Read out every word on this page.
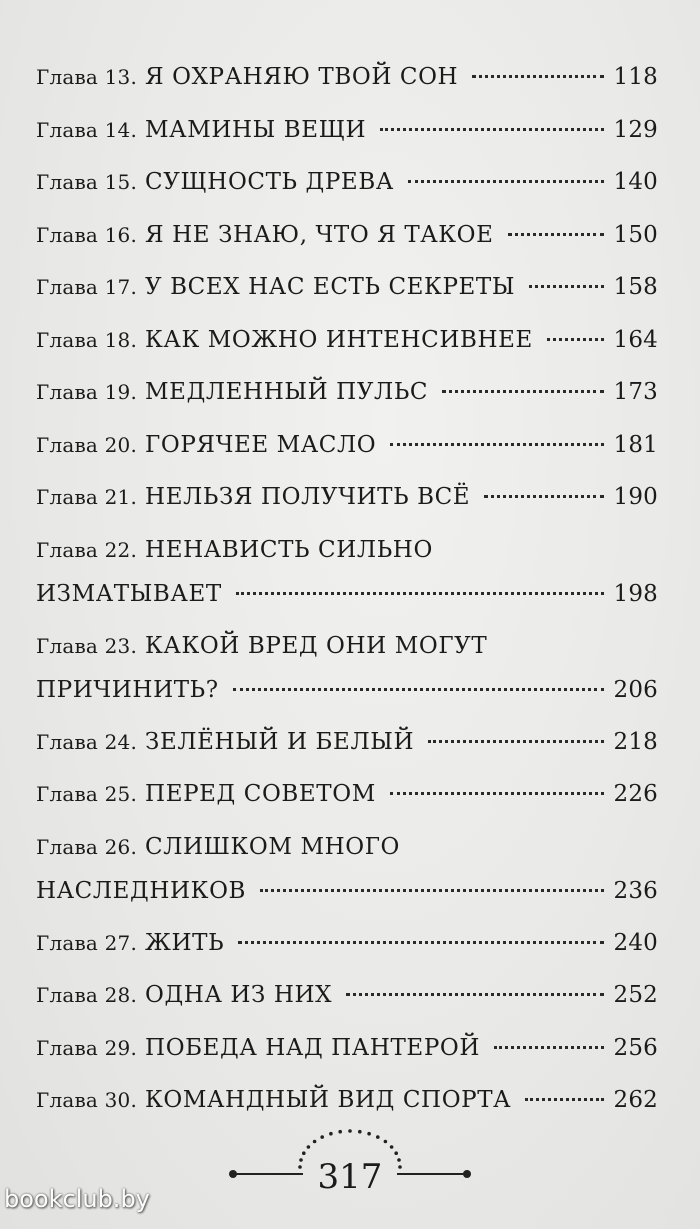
Глава 13. Я ОХРАНЯЮ ТВОЙ СОН	118
Глава 14. МАМИНЫ ВЕЩИ	129
Глава 15. СУЩНОСТЬ ДРЕВА	140
Глава 16. Я НЕ ЗНАЮ, ЧТО Я ТАКОЕ	150
Глава 17. У ВСЕХ НАС ЕСТЬ СЕКРЕТЫ	158
Глава 18. КАК МОЖНО ИНТЕНСИВНЕЕ	164
Глава 19. МЕДЛЕННЫЙ ПУЛЬС	173
Глава 20. ГОРЯЧЕЕ МАСЛО	181
Глава 21. НЕЛЬЗЯ ПОЛУЧИТЬ ВСЁ	190
Глава 22. НЕНАВИСТЬ СИЛЬНО
ИЗМАТЫВАЕТ	198
Глава 23. КАКОЙ ВРЕД ОНИ МОГУТ
ПРИЧИНИТЬ?	206
Глава 24. ЗЕЛЁНЫЙ И БЕЛЫЙ	218
Глава 25. ПЕРЕД СОВЕТОМ	226
Глава 26. СЛИШКОМ МНОГО
НАСЛЕДНИКОВ	236
Глава 27. ЖИТЬ	240
Глава 28. ОДНА ИЗ НИХ	252
Глава 29. ПОБЕДА НАД ПАНТЕРОЙ	256
Глава 30. КОМАНДНЫЙ ВИД СПОРТА	262
317
bookclub.by
